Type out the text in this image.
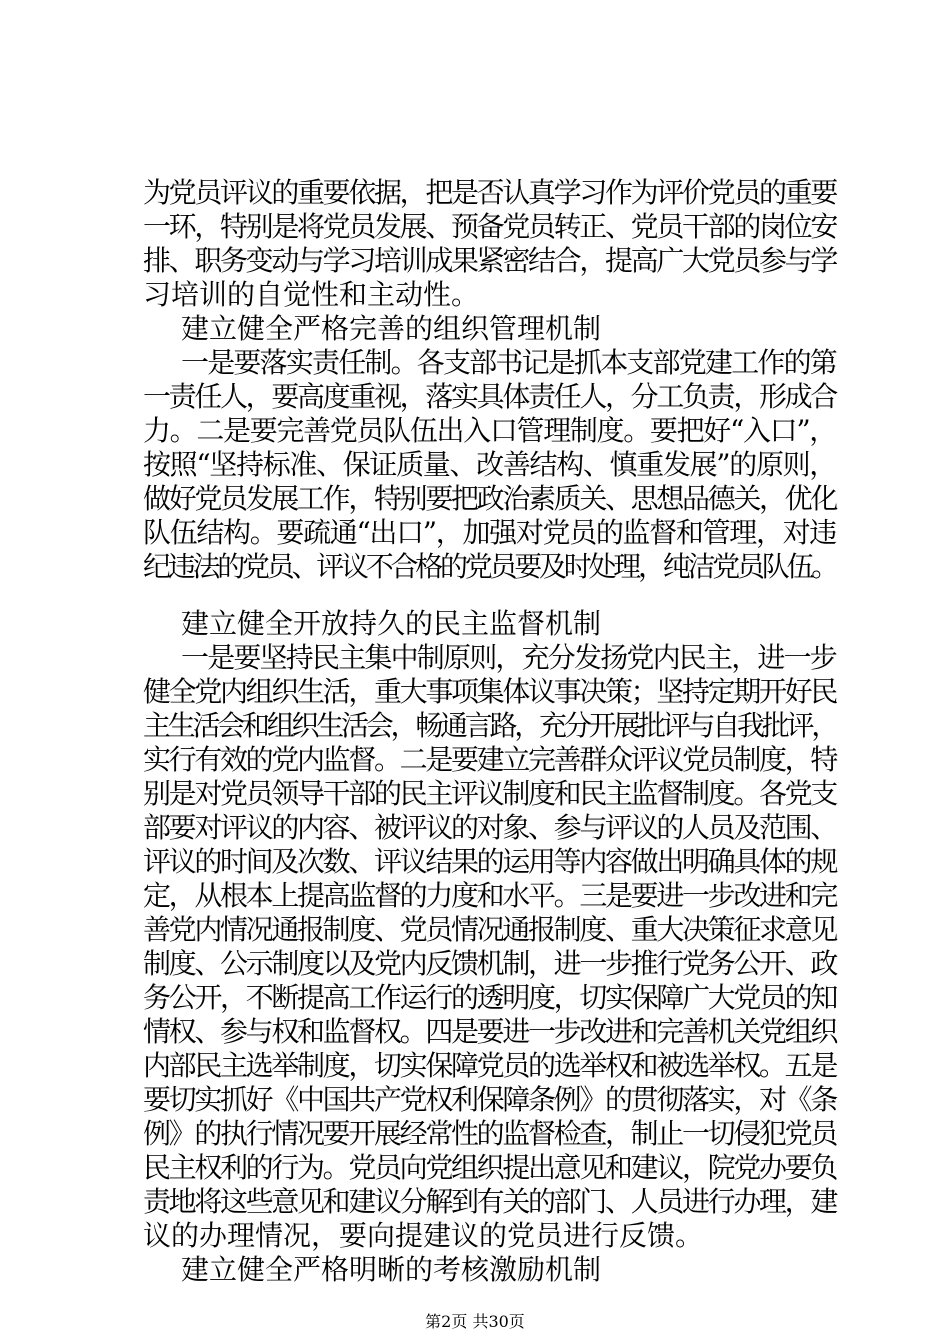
为党员评议的重要依据，把是否认真学习作为评价党员的重要
一环，特别是将党员发展、预备党员转正、党员干部的岗位安
排、职务变动与学习培训成果紧密结合，提高广大党员参与学
习培训的自觉性和主动性。
建立健全严格完善的组织管理机制
一是要落实责任制。各支部书记是抓本支部党建工作的第
一责任人，要高度重视，落实具体责任人，分工负责，形成合
力。二是要完善党员队伍出入口管理制度。要把好“入口”，
按照“坚持标准、保证质量、改善结构、慎重发展”的原则，
做好党员发展工作，特别要把政治素质关、思想品德关，优化
队伍结构。要疏通“出口”，加强对党员的监督和管理，对违
纪违法的党员、评议不合格的党员要及时处理，纯洁党员队伍。
建立健全开放持久的民主监督机制
一是要坚持民主集中制原则，充分发扬党内民主，进一步
健全党内组织生活，重大事项集体议事决策；坚持定期开好民
主生活会和组织生活会，畅通言路，充分开展批评与自我批评，
实行有效的党内监督。二是要建立完善群众评议党员制度，特
别是对党员领导干部的民主评议制度和民主监督制度。各党支
部要对评议的内容、被评议的对象、参与评议的人员及范围、
评议的时间及次数、评议结果的运用等内容做出明确具体的规
定，从根本上提高监督的力度和水平。三是要进一步改进和完
善党内情况通报制度、党员情况通报制度、重大决策征求意见
制度、公示制度以及党内反馈机制，进一步推行党务公开、政
务公开，不断提高工作运行的透明度，切实保障广大党员的知
情权、参与权和监督权。四是要进一步改进和完善机关党组织
内部民主选举制度，切实保障党员的选举权和被选举权。五是
要切实抓好《中国共产党权利保障条例》的贯彻落实，对《条
例》的执行情况要开展经常性的监督检查，制止一切侵犯党员
民主权利的行为。党员向党组织提出意见和建议，院党办要负
责地将这些意见和建议分解到有关的部门、人员进行办理，建
议的办理情况，要向提建议的党员进行反馈。
建立健全严格明晰的考核激励机制
第2页 共30页
